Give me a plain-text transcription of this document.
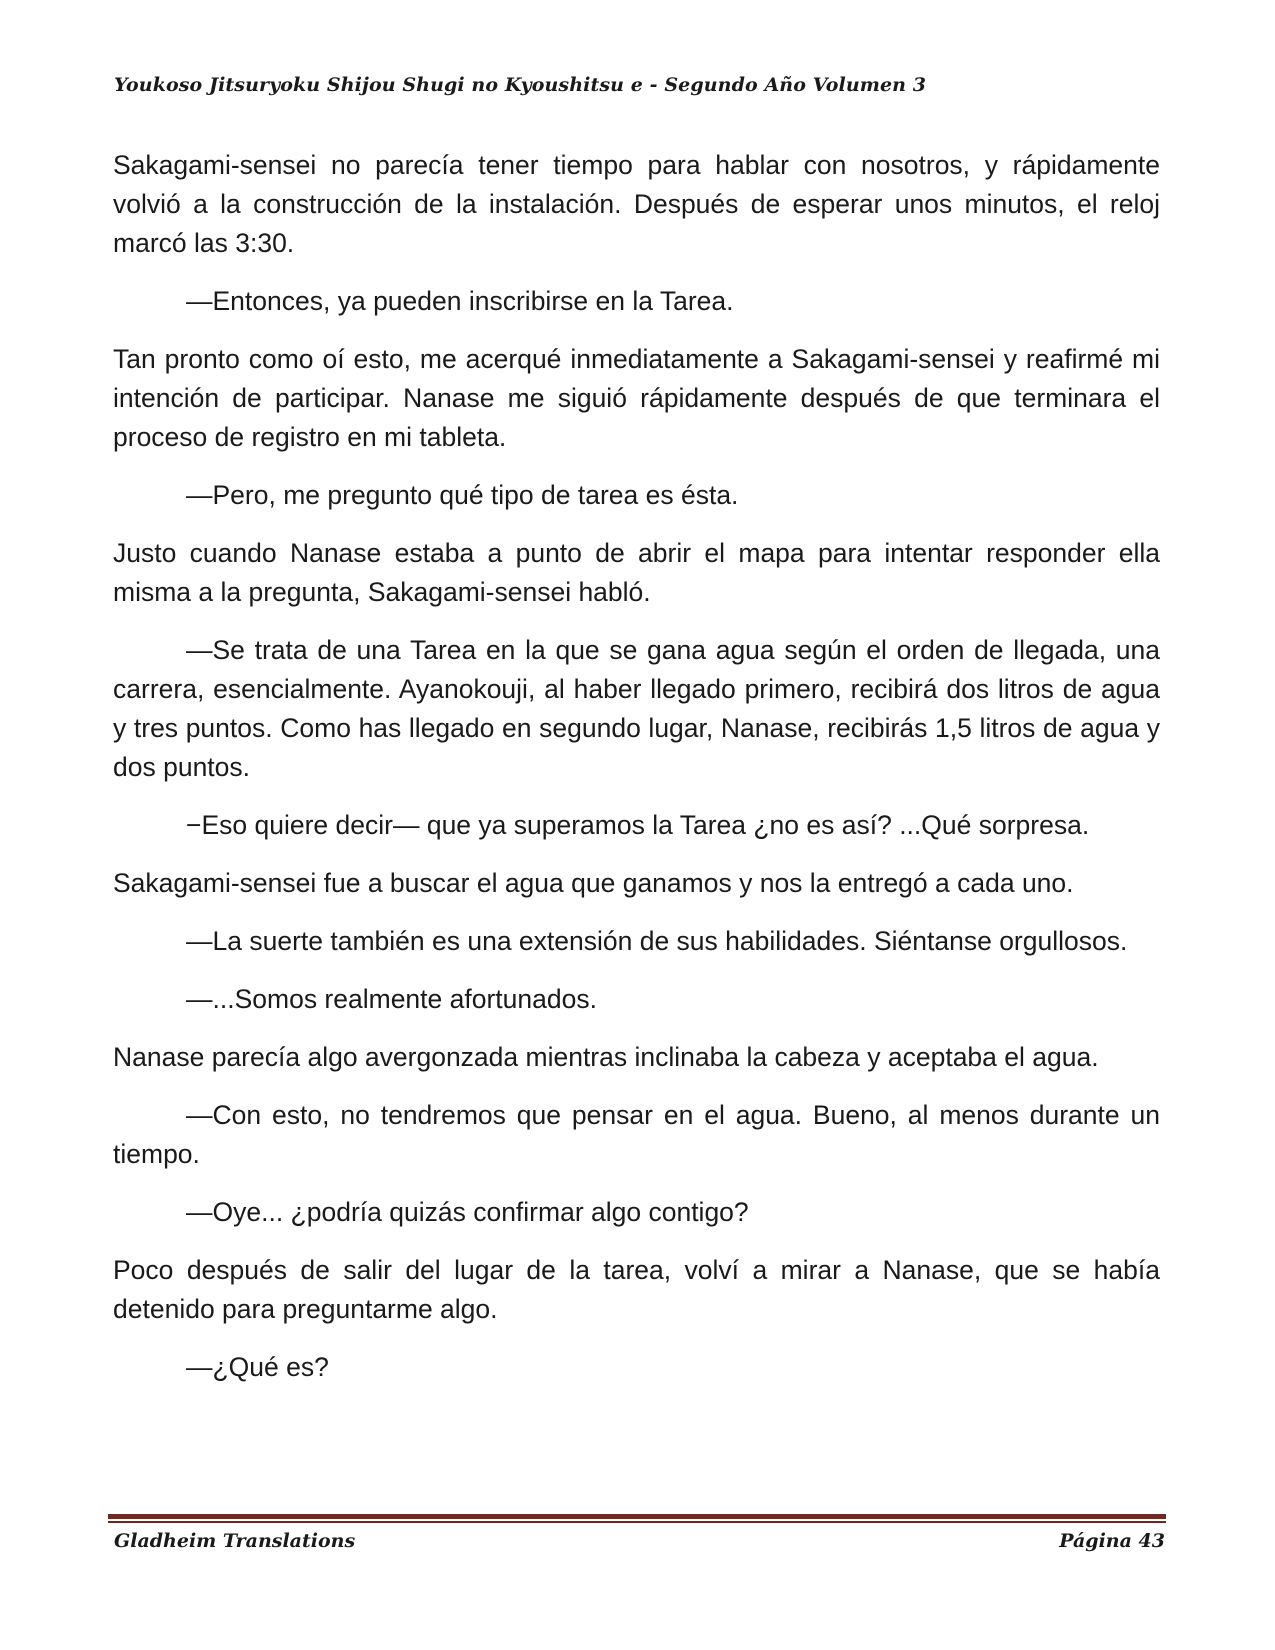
Youkoso Jitsuryoku Shijou Shugi no Kyoushitsu e - Segundo Año Volumen 3

Sakagami-sensei no parecía tener tiempo para hablar con nosotros, y rápidamente volvió a la construcción de la instalación. Después de esperar unos minutos, el reloj marcó las 3:30.

—Entonces, ya pueden inscribirse en la Tarea.

Tan pronto como oí esto, me acerqué inmediatamente a Sakagami-sensei y reafirmé mi intención de participar. Nanase me siguió rápidamente después de que terminara el proceso de registro en mi tableta.

—Pero, me pregunto qué tipo de tarea es ésta.

Justo cuando Nanase estaba a punto de abrir el mapa para intentar responder ella misma a la pregunta, Sakagami-sensei habló.

—Se trata de una Tarea en la que se gana agua según el orden de llegada, una carrera, esencialmente. Ayanokouji, al haber llegado primero, recibirá dos litros de agua y tres puntos. Como has llegado en segundo lugar, Nanase, recibirás 1,5 litros de agua y dos puntos.

−Eso quiere decir— que ya superamos la Tarea ¿no es así? ...Qué sorpresa.

Sakagami-sensei fue a buscar el agua que ganamos y nos la entregó a cada uno.

—La suerte también es una extensión de sus habilidades. Siéntanse orgullosos.

—...Somos realmente afortunados.

Nanase parecía algo avergonzada mientras inclinaba la cabeza y aceptaba el agua.

—Con esto, no tendremos que pensar en el agua. Bueno, al menos durante un tiempo.

—Oye... ¿podría quizás confirmar algo contigo?

Poco después de salir del lugar de la tarea, volví a mirar a Nanase, que se había detenido para preguntarme algo.

—¿Qué es?

Gladheim Translations	Página 43
